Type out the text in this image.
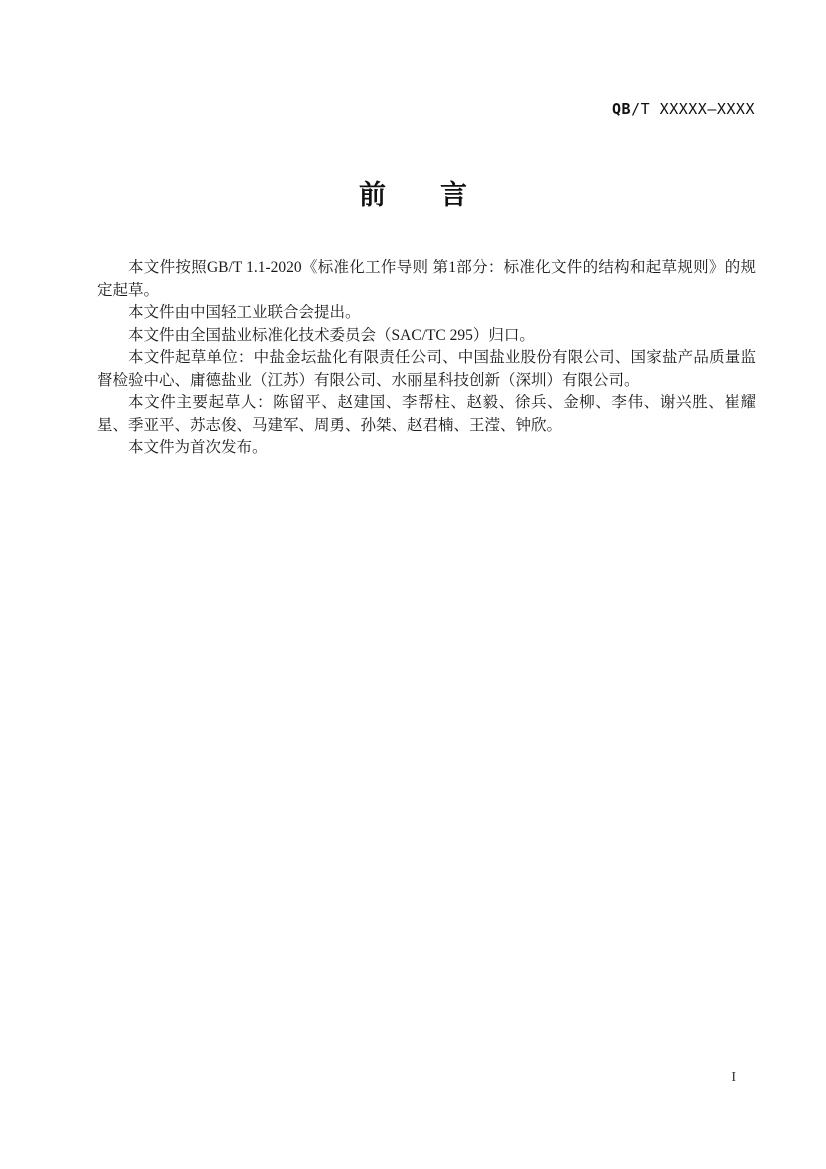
QB/T XXXXX—XXXX
前　　言

本文件按照GB/T 1.1-2020《标准化工作导则 第1部分：标准化文件的结构和起草规则》的规定起草。

本文件由中国轻工业联合会提出。

本文件由全国盐业标准化技术委员会（SAC/TC 295）归口。

本文件起草单位：中盐金坛盐化有限责任公司、中国盐业股份有限公司、国家盐产品质量监督检验中心、庸德盐业（江苏）有限公司、水丽星科技创新（深圳）有限公司。

本文件主要起草人：陈留平、赵建国、李帮柱、赵毅、徐兵、金柳、李伟、谢兴胜、崔耀星、季亚平、苏志俊、马建军、周勇、孙桀、赵君楠、王滢、钟欣。

本文件为首次发布。

I
